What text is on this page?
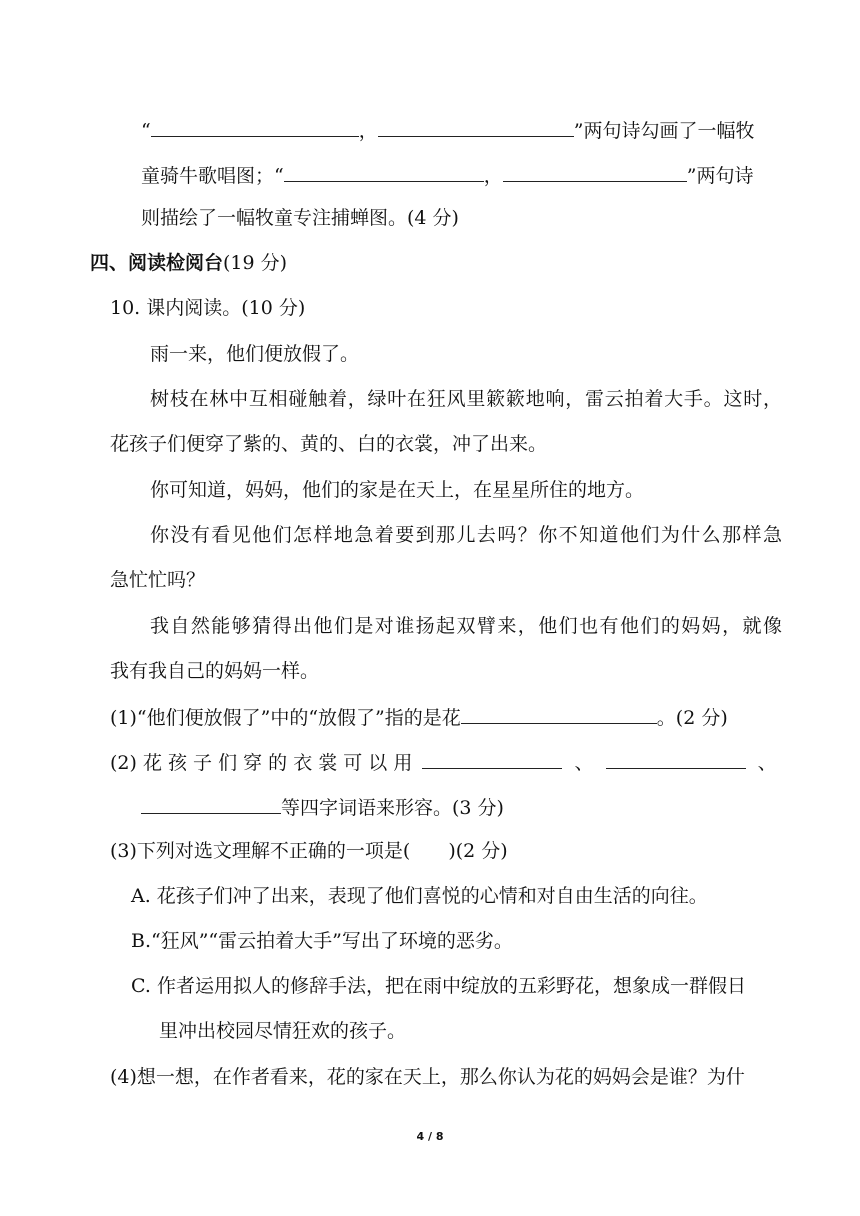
“	，	”两句诗勾画了一幅牧
童骑牛歌唱图；“	，	”两句诗
则描绘了一幅牧童专注捕蝉图。(4 分)
四、阅读检阅台(19 分)
10. 课内阅读。(10 分)
雨一来，他们便放假了。
树枝在林中互相碰触着，绿叶在狂风里簌簌地响，雷云拍着大手。这时，
花孩子们便穿了紫的、黄的、白的衣裳，冲了出来。
你可知道，妈妈，他们的家是在天上，在星星所住的地方。
你没有看见他们怎样地急着要到那儿去吗？你不知道他们为什么那样急
急忙忙吗？
我自然能够猜得出他们是对谁扬起双臂来，他们也有他们的妈妈，就像
我有我自己的妈妈一样。
(1)“他们便放假了”中的“放假了”指的是花	。(2 分)
(2) 花 孩 子 们 穿 的 衣 裳 可 以 用	、	、
等四字词语来形容。(3 分)
(3)下列对选文理解不正确的一项是(　　)(2 分)
A. 花孩子们冲了出来，表现了他们喜悦的心情和对自由生活的向往。
B.“狂风”“雷云拍着大手”写出了环境的恶劣。
C. 作者运用拟人的修辞手法，把在雨中绽放的五彩野花，想象成一群假日
里冲出校园尽情狂欢的孩子。
(4)想一想，在作者看来，花的家在天上，那么你认为花的妈妈会是谁？为什
4 / 8
